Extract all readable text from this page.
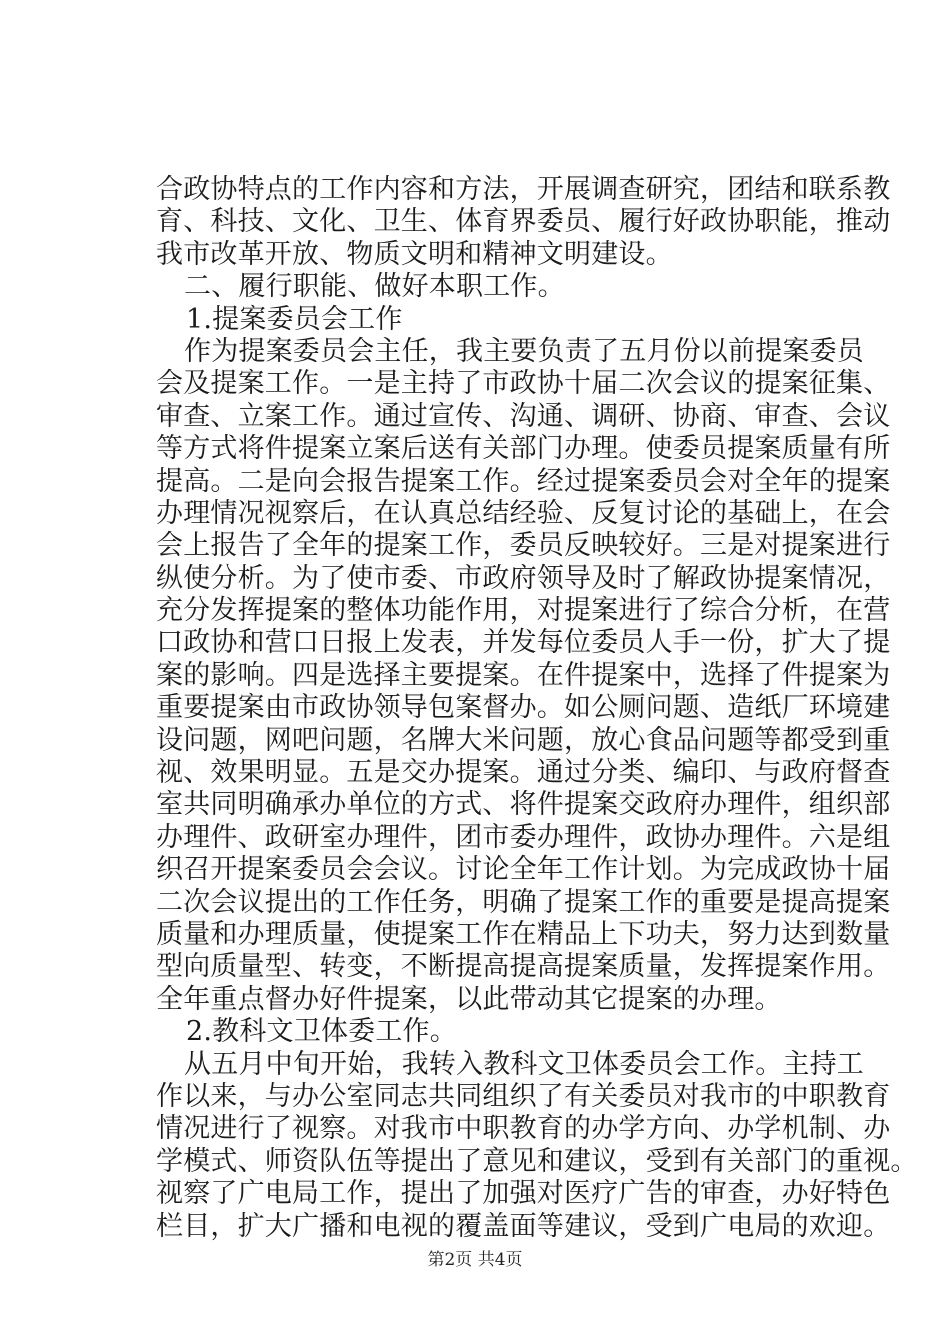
合政协特点的工作内容和方法，开展调查研究，团结和联系教
育、科技、文化、卫生、体育界委员、履行好政协职能，推动
我市改革开放、物质文明和精神文明建设。
二、履行职能、做好本职工作。
1.提案委员会工作
作为提案委员会主任，我主要负责了五月份以前提案委员
会及提案工作。一是主持了市政协十届二次会议的提案征集、
审查、立案工作。通过宣传、沟通、调研、协商、审查、会议
等方式将件提案立案后送有关部门办理。使委员提案质量有所
提高。二是向会报告提案工作。经过提案委员会对全年的提案
办理情况视察后，在认真总结经验、反复讨论的基础上，在会
会上报告了全年的提案工作，委员反映较好。三是对提案进行
纵使分析。为了使市委、市政府领导及时了解政协提案情况，
充分发挥提案的整体功能作用，对提案进行了综合分析，在营
口政协和营口日报上发表，并发每位委员人手一份，扩大了提
案的影响。四是选择主要提案。在件提案中，选择了件提案为
重要提案由市政协领导包案督办。如公厕问题、造纸厂环境建
设问题，网吧问题，名牌大米问题，放心食品问题等都受到重
视、效果明显。五是交办提案。通过分类、编印、与政府督查
室共同明确承办单位的方式、将件提案交政府办理件，组织部
办理件、政研室办理件，团市委办理件，政协办理件。六是组
织召开提案委员会会议。讨论全年工作计划。为完成政协十届
二次会议提出的工作任务，明确了提案工作的重要是提高提案
质量和办理质量，使提案工作在精品上下功夫，努力达到数量
型向质量型、转变，不断提高提高提案质量，发挥提案作用。
全年重点督办好件提案，以此带动其它提案的办理。
2.教科文卫体委工作。
从五月中旬开始，我转入教科文卫体委员会工作。主持工
作以来，与办公室同志共同组织了有关委员对我市的中职教育
情况进行了视察。对我市中职教育的办学方向、办学机制、办
学模式、师资队伍等提出了意见和建议，受到有关部门的重视。
视察了广电局工作，提出了加强对医疗广告的审查，办好特色
栏目，扩大广播和电视的覆盖面等建议，受到广电局的欢迎。
第2页 共4页
